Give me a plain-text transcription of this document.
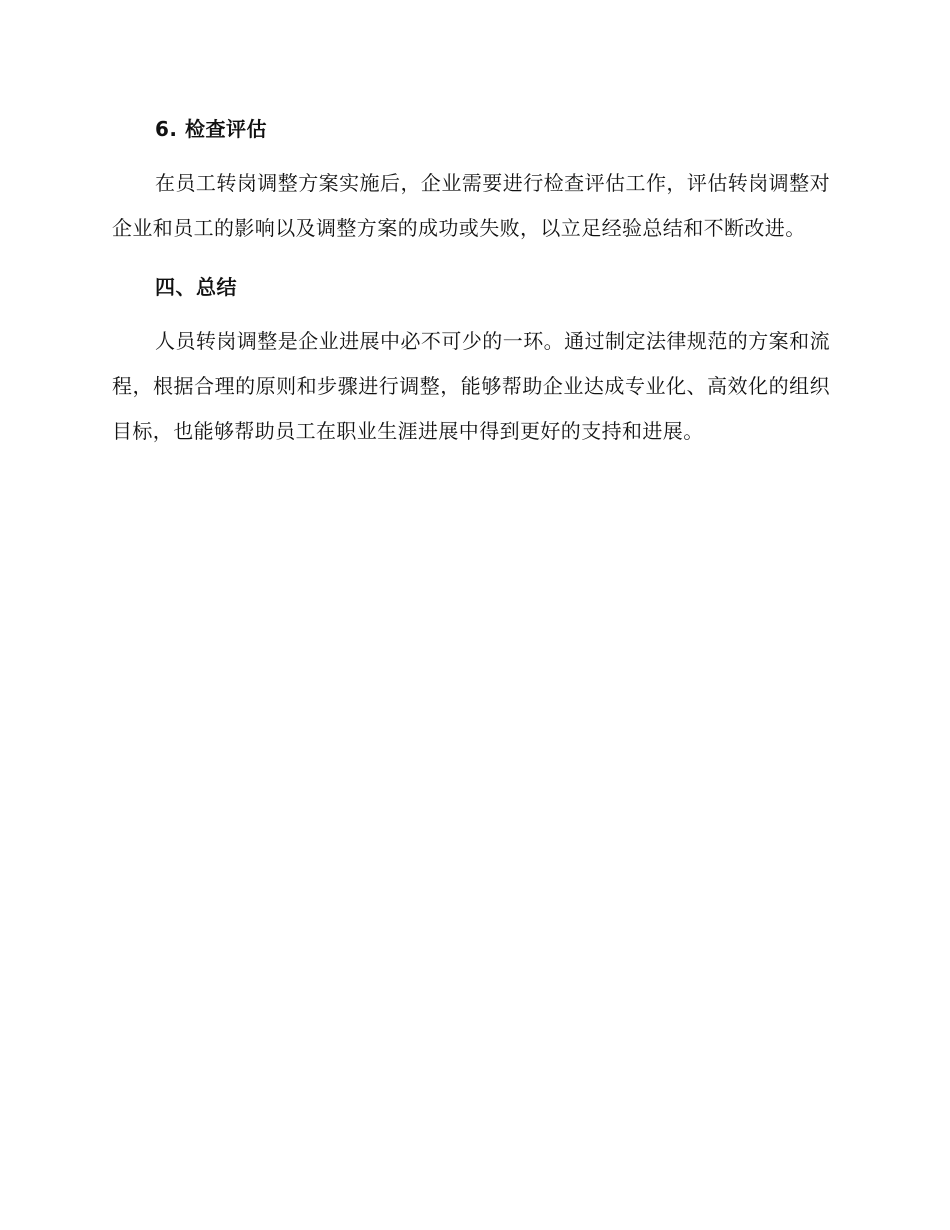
6. 检查评估
在员工转岗调整方案实施后，企业需要进行检查评估工作，评估转岗调整对企业和员工的影响以及调整方案的成功或失败，以立足经验总结和不断改进。
四、总结
人员转岗调整是企业进展中必不可少的一环。通过制定法律规范的方案和流程，根据合理的原则和步骤进行调整，能够帮助企业达成专业化、高效化的组织目标，也能够帮助员工在职业生涯进展中得到更好的支持和进展。
